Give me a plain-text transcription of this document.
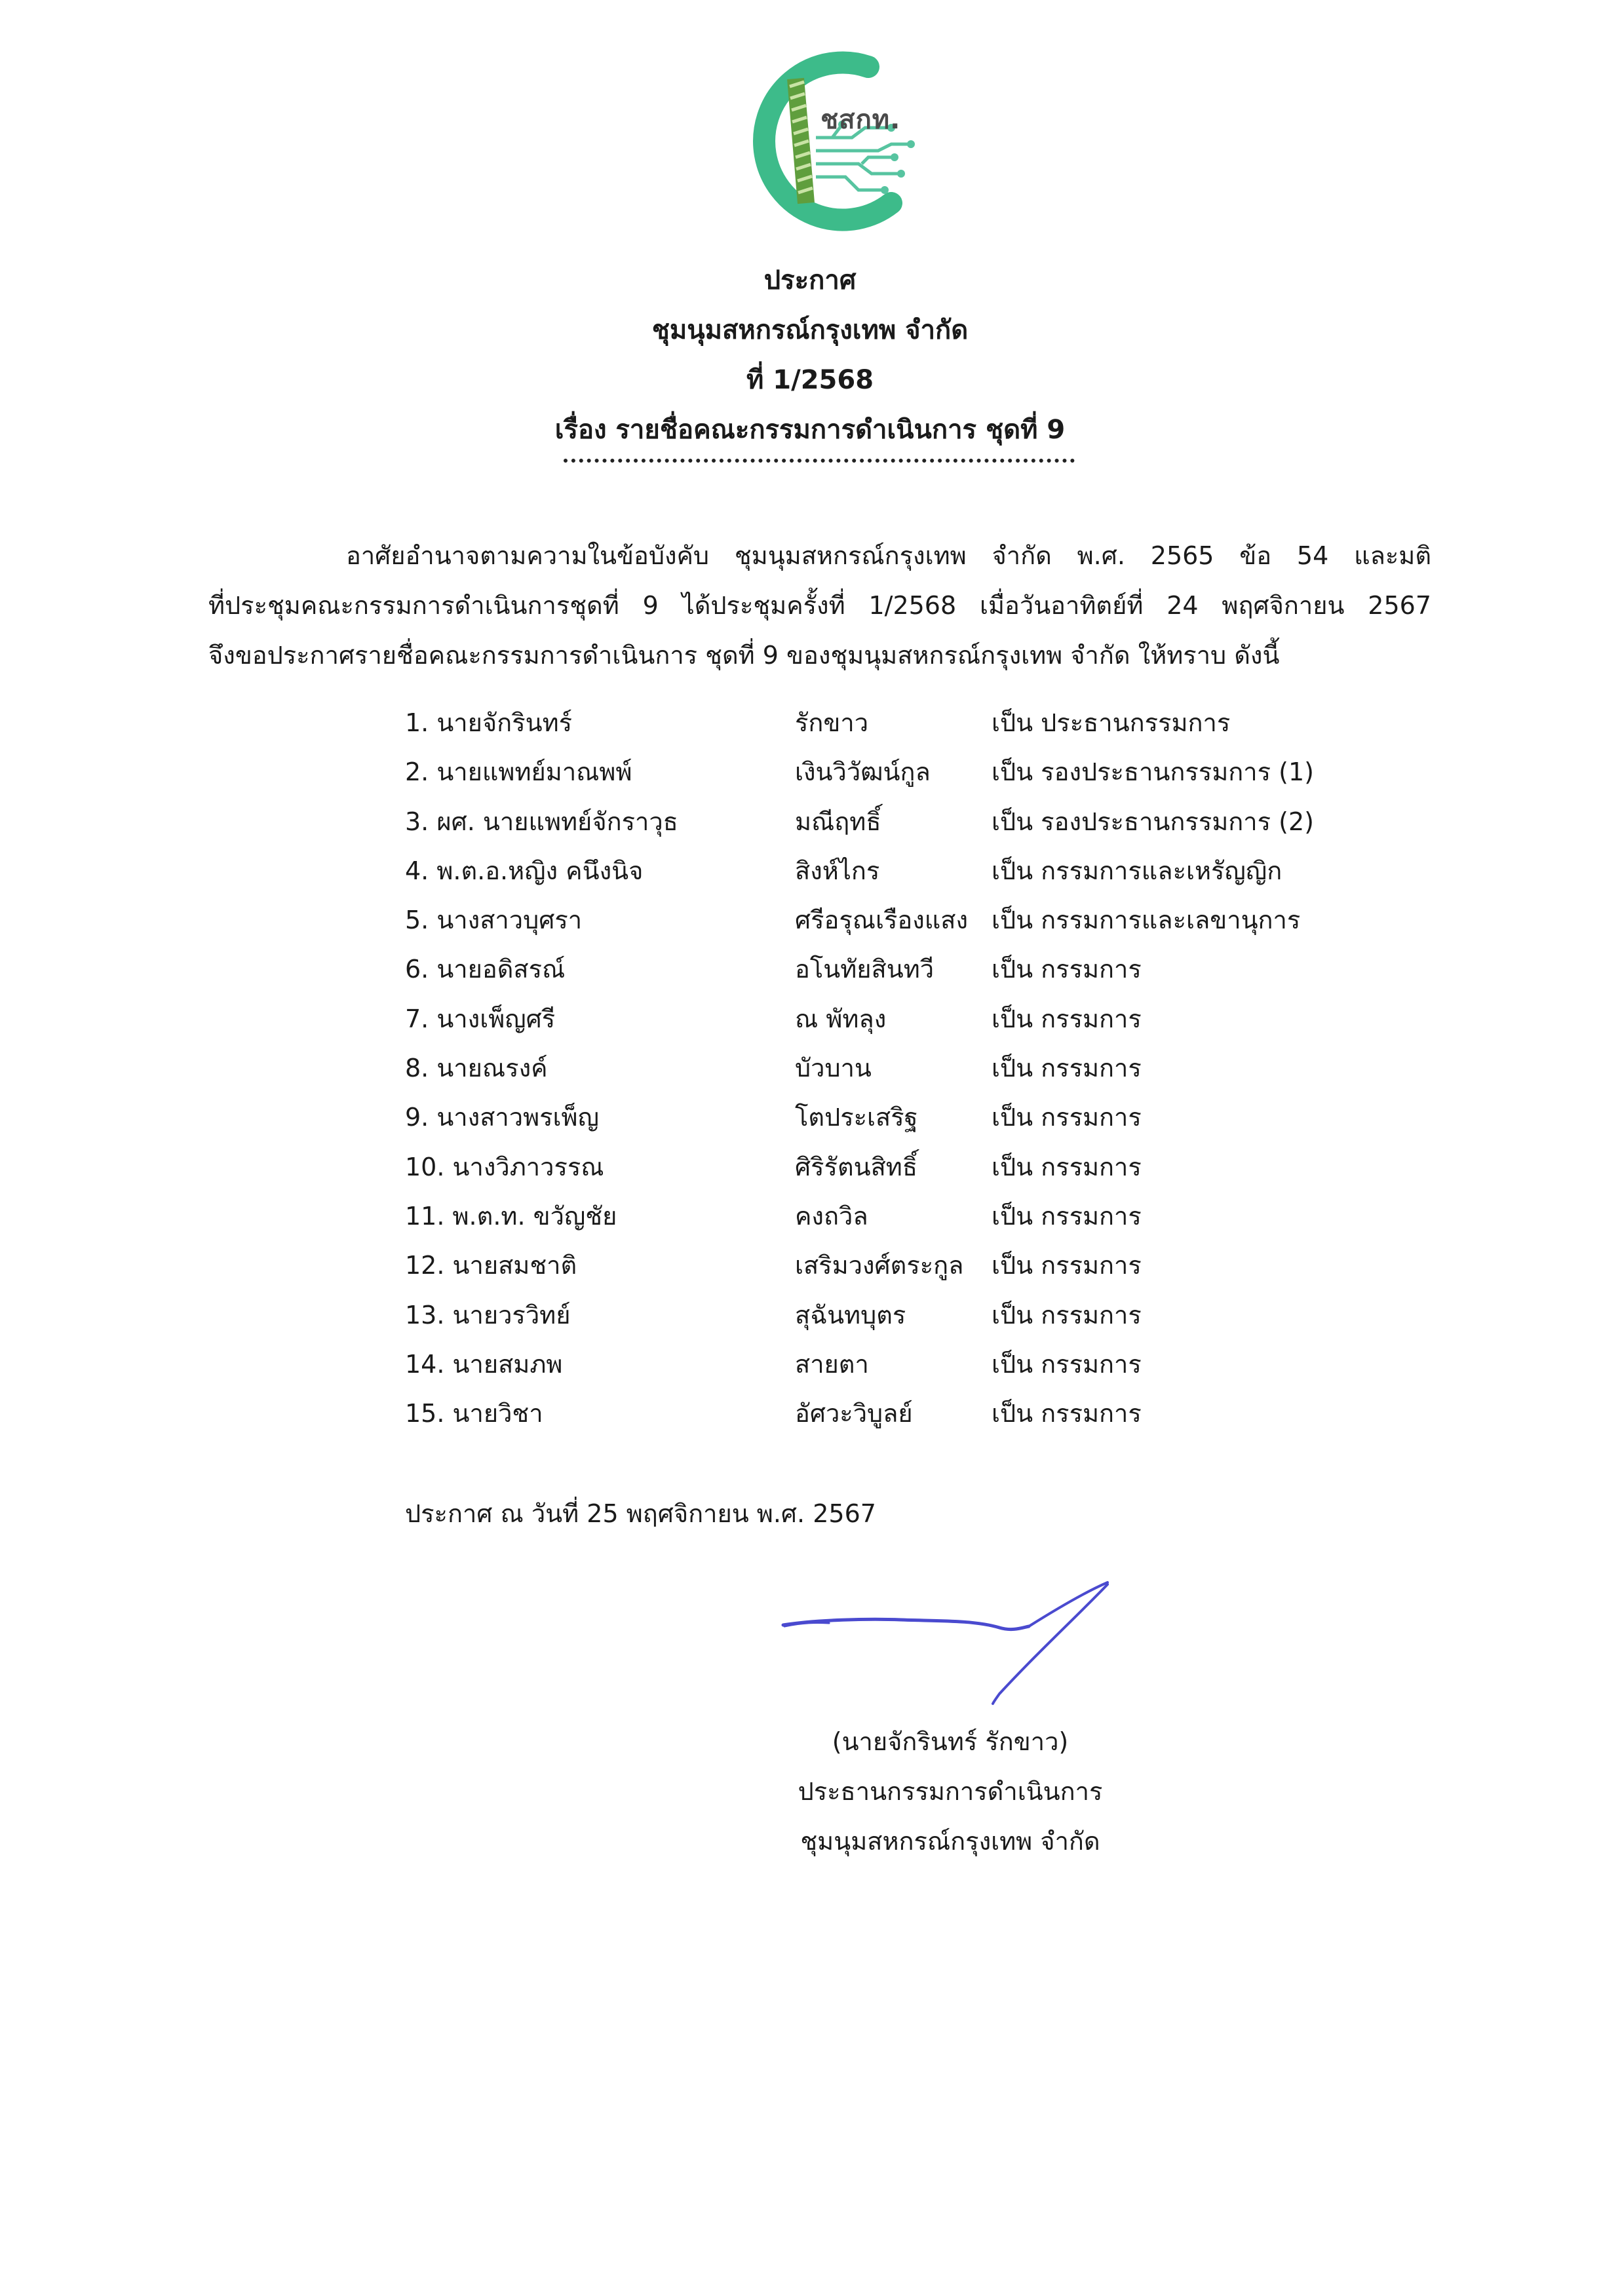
ชสกท.
ประกาศ
ชุมนุมสหกรณ์กรุงเทพ จำกัด
ที่ 1/2568
เรื่อง รายชื่อคณะกรรมการดำเนินการ ชุดที่ 9
อาศัยอำนาจตามความในข้อบังคับ ชุมนุมสหกรณ์กรุงเทพ จำกัด พ.ศ. 2565 ข้อ 54 และมติ
ที่ประชุมคณะกรรมการดำเนินการชุดที่ 9 ได้ประชุมครั้งที่ 1/2568 เมื่อวันอาทิตย์ที่ 24 พฤศจิกายน 2567
จึงขอประกาศรายชื่อคณะกรรมการดำเนินการ ชุดที่ 9 ของชุมนุมสหกรณ์กรุงเทพ จำกัด ให้ทราบ ดังนี้
1. นายจักรินทร์	รักขาว	เป็น ประธานกรรมการ
2. นายแพทย์มาณพพ์	เงินวิวัฒน์กูล เป็น รองประธานกรรมการ (1)
3. ผศ. นายแพทย์จักราวุธ	มณีฤทธิ์	เป็น รองประธานกรรมการ (2)
4. พ.ต.อ.หญิง คนึงนิจ	สิงห์ไกร	เป็น กรรมการและเหรัญญิก
5. นางสาวบุศรา	ศรีอรุณเรืองแสง เป็น กรรมการและเลขานุการ
6. นายอดิสรณ์	อโนทัยสินทวี เป็น กรรมการ
7. นางเพ็ญศรี	ณ พัทลุง	เป็น กรรมการ
8. นายณรงค์	บัวบาน	เป็น กรรมการ
9. นางสาวพรเพ็ญ	โตประเสริฐ	เป็น กรรมการ
10. นางวิภาวรรณ	ศิริรัตนสิทธิ์	เป็น กรรมการ
11. พ.ต.ท. ขวัญชัย	คงถวิล	เป็น กรรมการ
12. นายสมชาติ	เสริมวงศ์ตระกูล เป็น กรรมการ
13. นายวรวิทย์	สุฉันทบุตร	เป็น กรรมการ
14. นายสมภพ	สายตา	เป็น กรรมการ
15. นายวิชา	อัศวะวิบูลย์	เป็น กรรมการ
ประกาศ ณ วันที่ 25 พฤศจิกายน พ.ศ. 2567
(นายจักรินทร์ รักขาว)
ประธานกรรมการดำเนินการ
ชุมนุมสหกรณ์กรุงเทพ จำกัด
